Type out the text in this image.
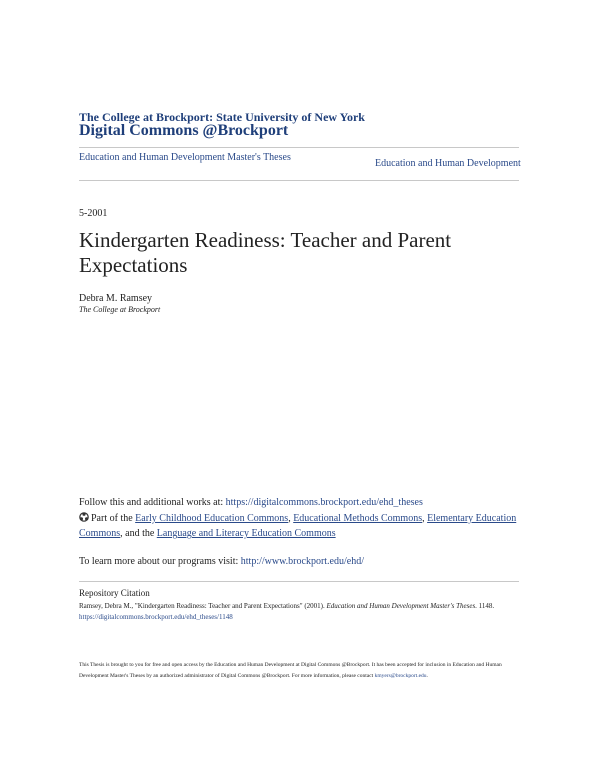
The College at Brockport: State University of New York
Digital Commons @Brockport
Education and Human Development Master's Theses
Education and Human Development
5-2001
Kindergarten Readiness: Teacher and Parent Expectations
Debra M. Ramsey
The College at Brockport
Follow this and additional works at: https://digitalcommons.brockport.edu/ehd_theses
Part of the Early Childhood Education Commons, Educational Methods Commons, Elementary Education Commons, and the Language and Literacy Education Commons
To learn more about our programs visit: http://www.brockport.edu/ehd/
Repository Citation
Ramsey, Debra M., "Kindergarten Readiness: Teacher and Parent Expectations" (2001). Education and Human Development Master's Theses. 1148.
https://digitalcommons.brockport.edu/ehd_theses/1148
This Thesis is brought to you for free and open access by the Education and Human Development at Digital Commons @Brockport. It has been accepted for inclusion in Education and Human Development Master's Theses by an authorized administrator of Digital Commons @Brockport. For more information, please contact kmyers@brockport.edu.
